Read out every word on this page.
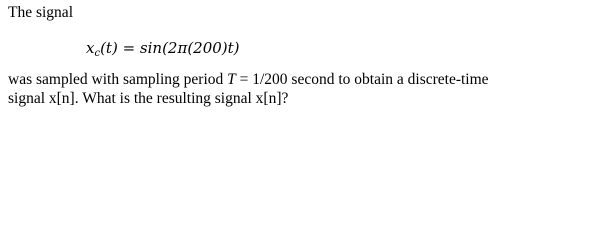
The signal
$x_c(t) = \sin(2\pi(200)t)$
was sampled with sampling period T = 1/200 second to obtain a discrete-time
signal x[n]. What is the resulting signal x[n]?
